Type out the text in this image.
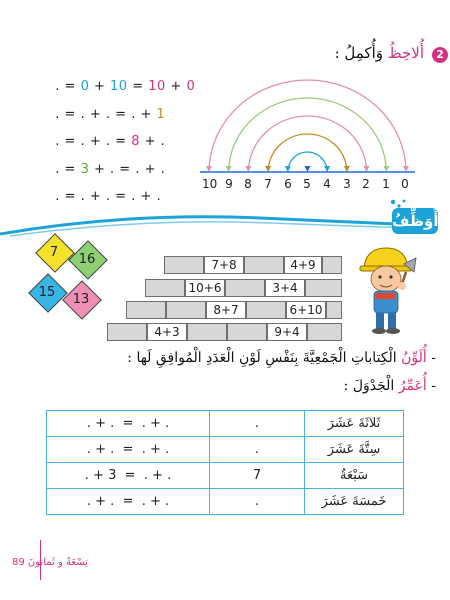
2
أُلاحِظُ وَأُكمِلُ :

. = 0 + 10 = 10 + 0

. = . + . = . + 1

. = . + . = 8 + .

. = 3 + . = . + .

. = . + . = . + .

10 9 8 7 6 5 4 3 2 1 0
أُوَظِّفُ
7	16
15	13
7+8	4+9
10+6	3+4
8+7	6+10
4+3	9+4
- أُلَوِّنُ الْكِتاباتِ الْجَمْعِيَّةَ بِنَفْسِ لَوْنِ الْعَدَدِ الْمُوافِقِ لَها :
- أُعَمِّرُ الْجَدْوَلَ :
. + .  =  . + .	.	ثَلاثَةَ عَشَرَ
. + .  =  . + .	.	سِتَّةَ عَشَرَ
. + 3  =  . + .	7	سَبْعَةٌ
. + .  =  . + .	.	خَمسَةَ عَشَرَ
تِسْعَةٌ و ثَمانونَ 89
